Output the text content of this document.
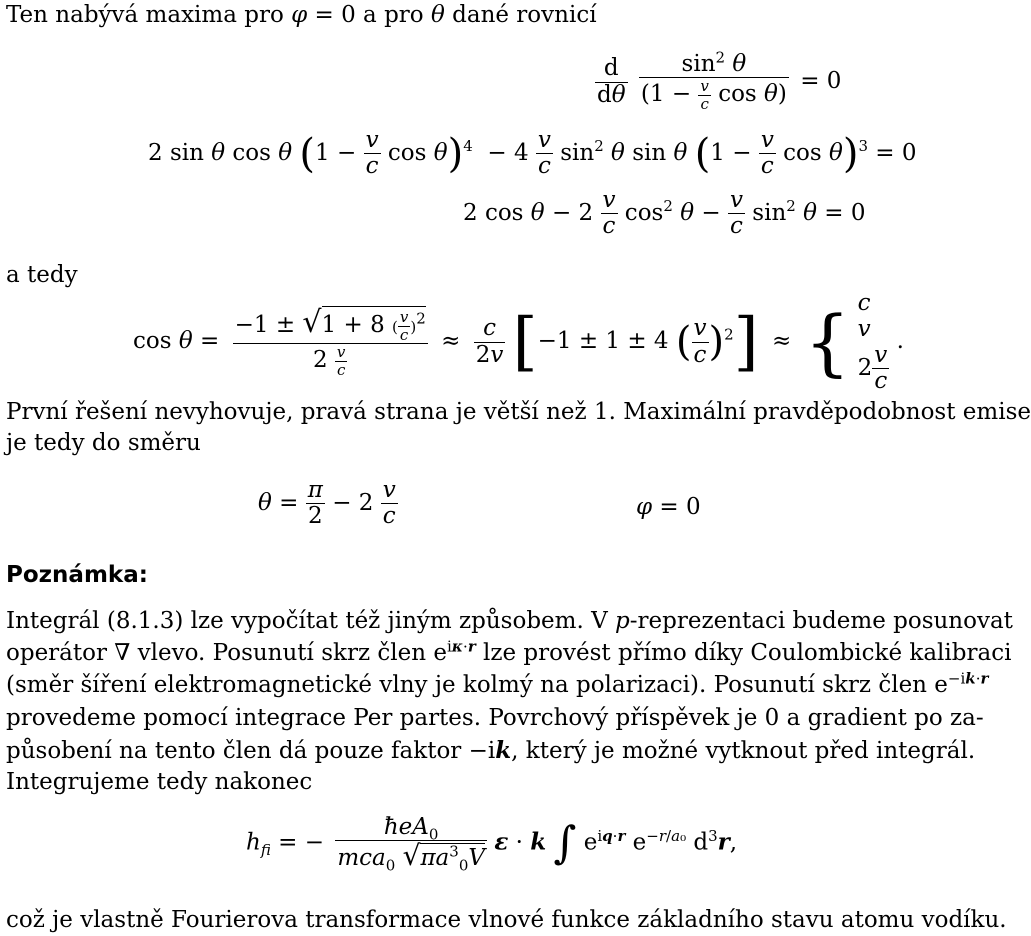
Ten nabývá maxima pro φ = 0 a pro θ dané rovnicí
$\frac{d}{d\theta}$
$\frac{\sin^2 \theta}{(1 - \frac{v}{c} \cos \theta)} = 0$
2 sin θ cos θ ($1 - \frac{v}{c}$ $\cos \theta)^4 - 4 \frac{v}{c} \sin^2 \theta$ sin θ ($1 - \frac{v}{c}$ $\cos \theta)^3 = 0$
2 $\cos \theta - 2 \frac{v}{c} \cos^2 \theta - \frac{v}{c} \sin^2 \theta = 0$
a tedy
$\cos \theta = \frac{-1 \pm √1 + 8 ( \frac{v}{c} )^2}{2 \frac{v}{c}} \approx \frac{c}{2v} [-1 \pm 1 \pm 4$ ( $\frac{v}{c} )^2$] ≈ { c
v
$2 \frac{v}{c}$
.
První řešení nevyhovuje, pravá strana je větší než 1. Maximální pravděpodobnost emise
je tedy do směru
$\theta = \frac{\pi}{2} - 2 \frac{v}{c}$	φ = 0
Poznámka:
Integrál (8.1.3) lze vypočítat též jiným způsobem. V p-reprezentaci budeme posunovat
operátor ∇ vlevo. Posunutí skrz člen $e^{i\kappa\cdot r}$ lze provést přímo díky Coulombické kalibraci
(směr šíření elektromagnetické vlny je kolmý na polarizaci). Posunutí skrz člen $e^{-ik\cdot r}$
provedeme pomocí integrace Per partes. Povrchový příspěvek je 0 a gradient po za-
působení na tento člen dá pouze faktor −ik, který je možné vytknout před integrál.
Integrujeme tedy nakonec
$h_{fi}$ = − $\frac{ħeA_0}{mca_0 √\pi a^3_0V}$ ε · k ∫ $e^{iq\cdot r}$ $e^{-r/a_0}$ $d^3r$,
což je vlastně Fourierova transformace vlnové funkce základního stavu atomu vodíku.
